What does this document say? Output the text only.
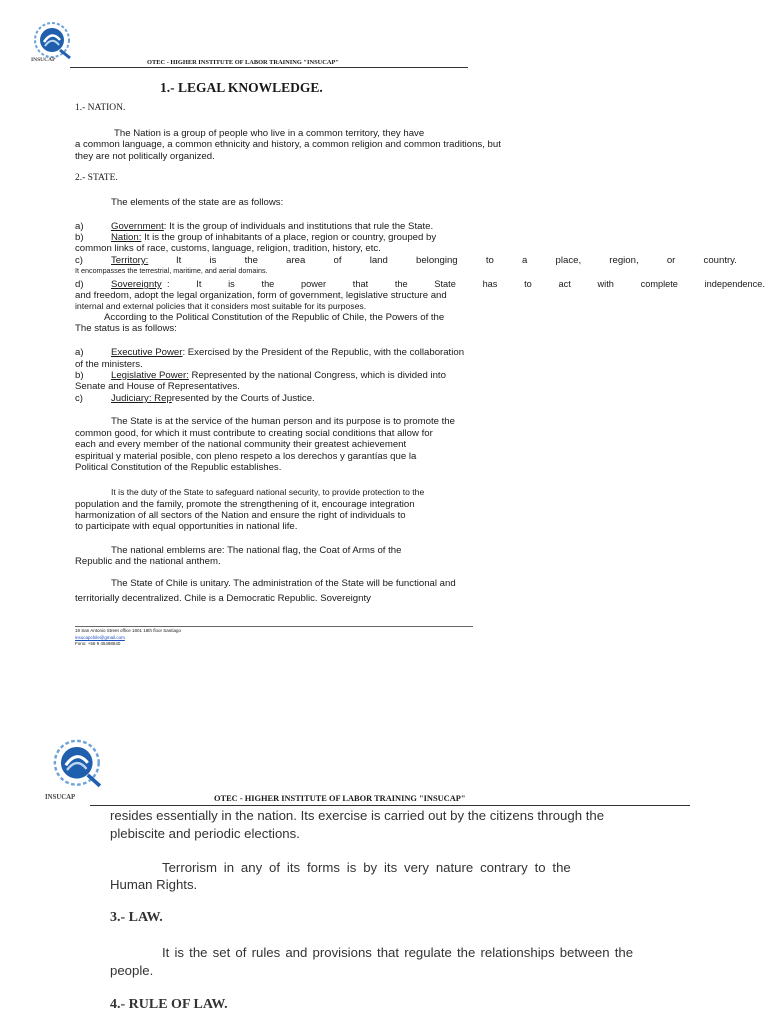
INSUCAP	OTEC - HIGHER INSTITUTE OF LABOR TRAINING "INSUCAP"
1.- LEGAL KNOWLEDGE.
1.- NATION.
The Nation is a group of people who live in a common territory, they have
a common language, a common ethnicity and history, a common religion and common traditions, but
they are not politically organized.
2.- STATE.
The elements of the state are as follows:
a)	Government: It is the group of individuals and institutions that rule the State.
b)	Nation: It is the group of inhabitants of a place, region or country, grouped by
common links of race, customs, language, religion, tradition, history, etc.
c)	Territory:	It	is	the	area	of	land	belonging	to	a	place,	region,	or	country.
It encompasses the terrestrial, maritime, and aerial domains.
d)	Sovereignty :	It	is	the	power	that	the	State	has	to	act	with	complete	independence.
and freedom, adopt the legal organization, form of government, legislative structure and
internal and external policies that it considers most suitable for its purposes.
According to the Political Constitution of the Republic of Chile, the Powers of the
The status is as follows:
a)	Executive Power: Exercised by the President of the Republic, with the collaboration
of the ministers.
b)	Legislative Power: Represented by the national Congress, which is divided into
Senate and House of Representatives.
c)	Judiciary: Represented by the Courts of Justice.
The State is at the service of the human person and its purpose is to promote the
common good, for which it must contribute to creating social conditions that allow for
each and every member of the national community their greatest achievement
espiritual y material posible, con pleno respeto a los derechos y garantías que la
Political Constitution of the Republic establishes.
It is the duty of the State to safeguard national security, to provide protection to the
population and the family, promote the strengthening of it, encourage integration
harmonization of all sectors of the Nation and ensure the right of individuals to
to participate with equal opportunities in national life.
The national emblems are: The national flag, the Coat of Arms of the
Republic and the national anthem.
The State of Chile is unitary. The administration of the State will be functional and
territorially decentralized. Chile is a Democratic Republic. Sovereignty
19 San Antonio Street office 1801 18th floor Santiago
insucapchile@gmail.com
Fono: +56 9 45498640
INSUCAP	OTEC - HIGHER INSTITUTE OF LABOR TRAINING "INSUCAP"
resides essentially in the nation. Its exercise is carried out by the citizens through the
plebiscite and periodic elections.
Terrorism in any of its forms is by its very nature contrary to the
Human Rights.
3.- LAW.
It is the set of rules and provisions that regulate the relationships between the
people.
4.- RULE OF LAW.
